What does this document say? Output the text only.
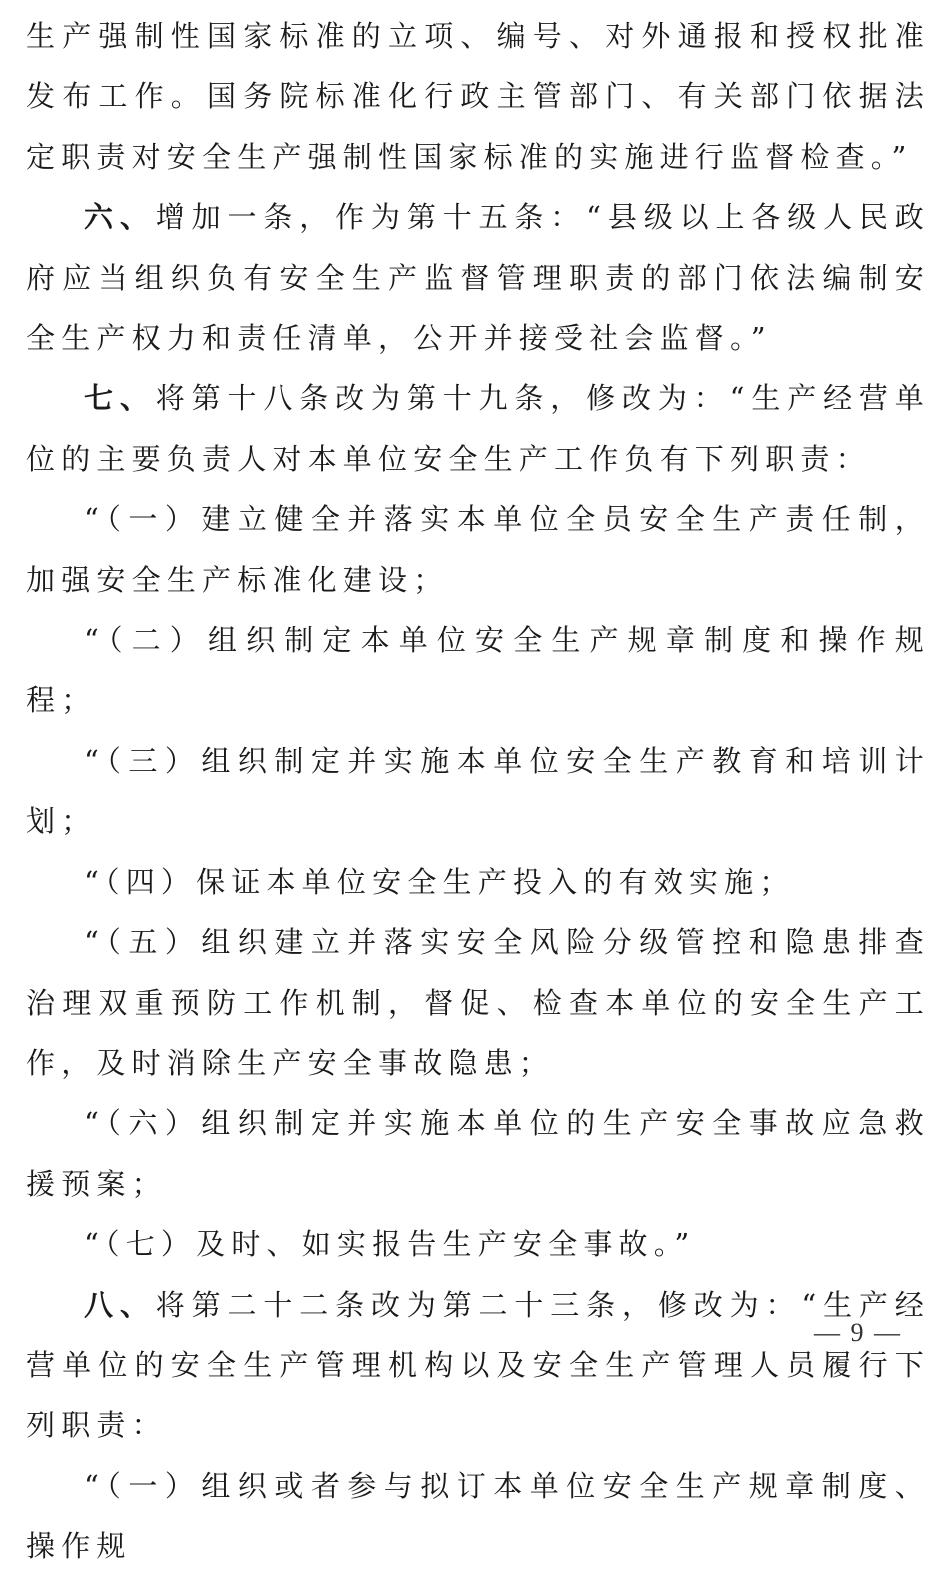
生产强制性国家标准的立项、编号、对外通报和授权批准发布工作。国务院标准化行政主管部门、有关部门依据法定职责对安全生产强制性国家标准的实施进行监督检查。”

六、增加一条，作为第十五条：“县级以上各级人民政府应当组织负有安全生产监督管理职责的部门依法编制安全生产权力和责任清单，公开并接受社会监督。”

七、将第十八条改为第十九条，修改为：“生产经营单位的主要负责人对本单位安全生产工作负有下列职责：

“（一）建立健全并落实本单位全员安全生产责任制，加强安全生产标准化建设；

“（二）组织制定本单位安全生产规章制度和操作规程；

“（三）组织制定并实施本单位安全生产教育和培训计划；

“（四）保证本单位安全生产投入的有效实施；

“（五）组织建立并落实安全风险分级管控和隐患排查治理双重预防工作机制，督促、检查本单位的安全生产工作，及时消除生产安全事故隐患；

“（六）组织制定并实施本单位的生产安全事故应急救援预案；

“（七）及时、如实报告生产安全事故。”

八、将第二十二条改为第二十三条，修改为：“生产经营单位的安全生产管理机构以及安全生产管理人员履行下列职责：

“（一）组织或者参与拟订本单位安全生产规章制度、操作规

— 9 —
